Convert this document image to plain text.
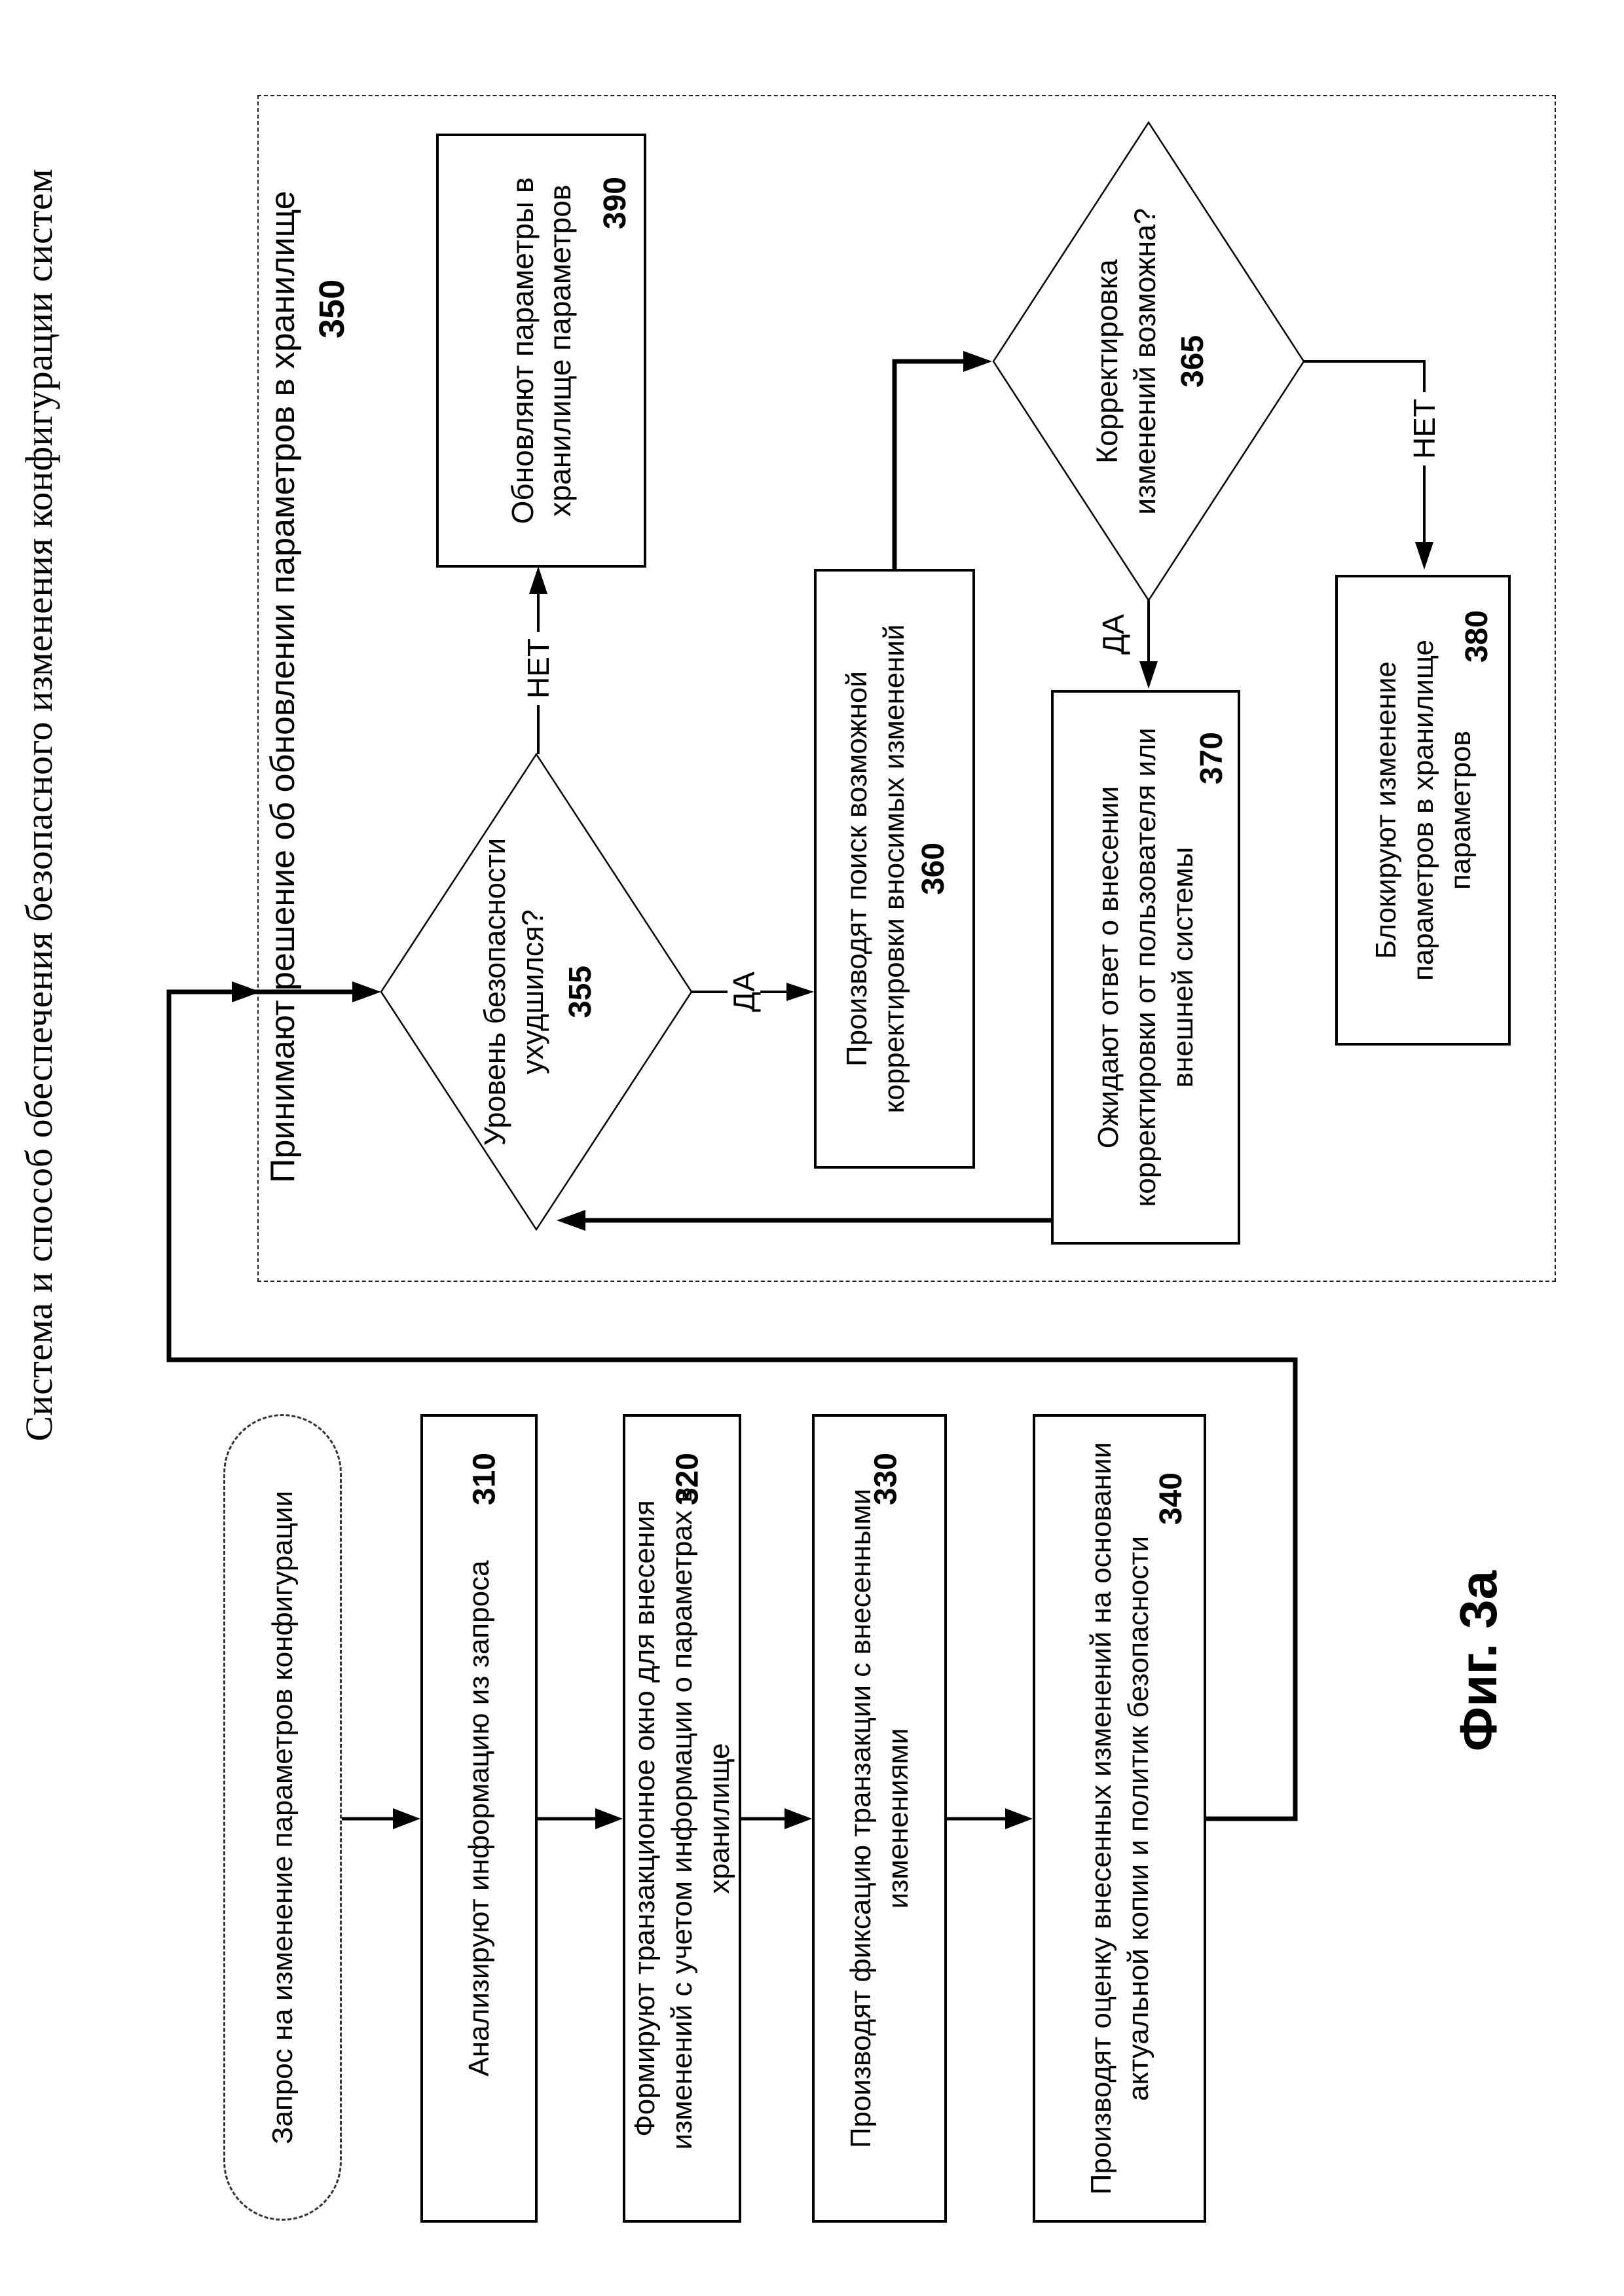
Система и способ обеспечения безопасного изменения конфигурации систем	Принимают решение об обновлении параметров в хранилище 350
Запрос на изменение параметров конфигурации	Анализируют информацию из запроса
310
Формируют транзакционное окно для внесения изменений с учетом информации о параметрах в хранилище
320
Производят фиксацию транзакции с внесенными изменениями
330	Производят оценку внесенных изменений на основании актуальной копии и политик безопасности
340
Уровень безопасности ухудшился? 355
Обновляют параметры в хранилище параметров 390
Производят поиск возможной корректировки вносимых изменений 360
Корректировка изменений возможна? 365
Ожидают ответ о внесении корректировки от пользователя или внешней системы
370	Блокируют изменение параметров в хранилище параметров
380
НЕТ
ДА
ДА
НЕТ
Фиг. 3а
